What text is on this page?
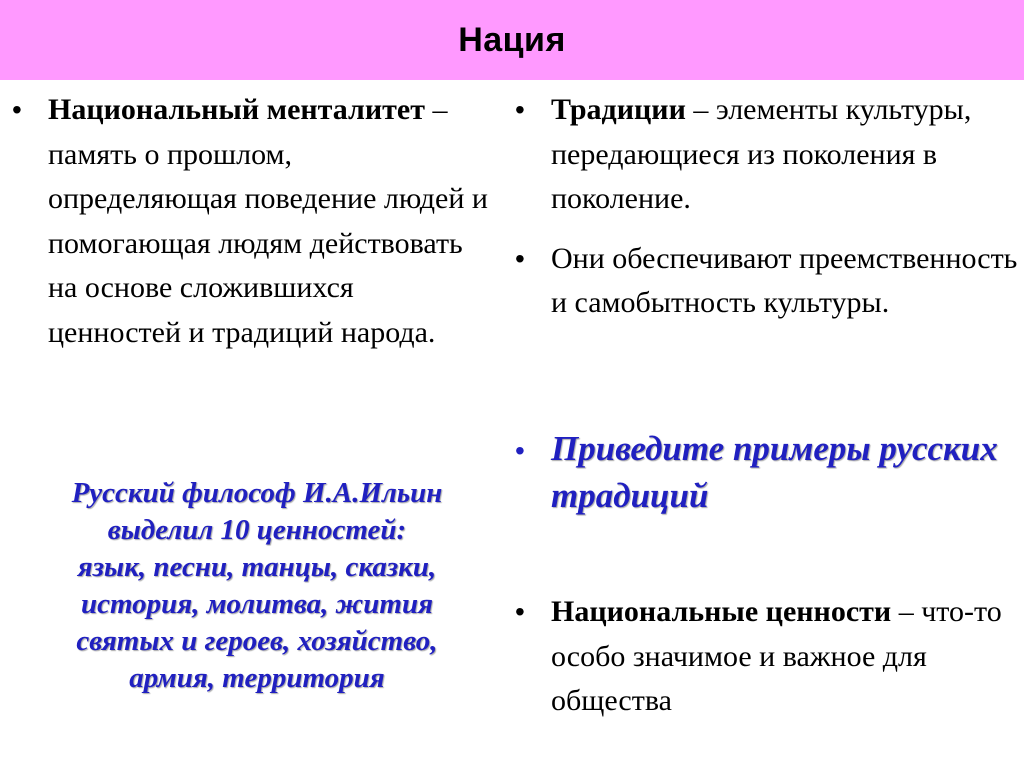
Нация
• Национальный менталитет – память о прошлом, определяющая поведение людей и помогающая людям действовать на основе сложившихся ценностей и традиций народа.
Русский философ И.А.Ильин
выделил 10 ценностей:
язык, песни, танцы, сказки,
история, молитва, жития
святых и героев, хозяйство,
армия, территория
• Традиции – элементы культуры, передающиеся из поколения в поколение.
• Они обеспечивают преемственность и самобытность культуры.
• Приведите примеры русских традиций
• Национальные ценности – что-то особо значимое и важное для общества
